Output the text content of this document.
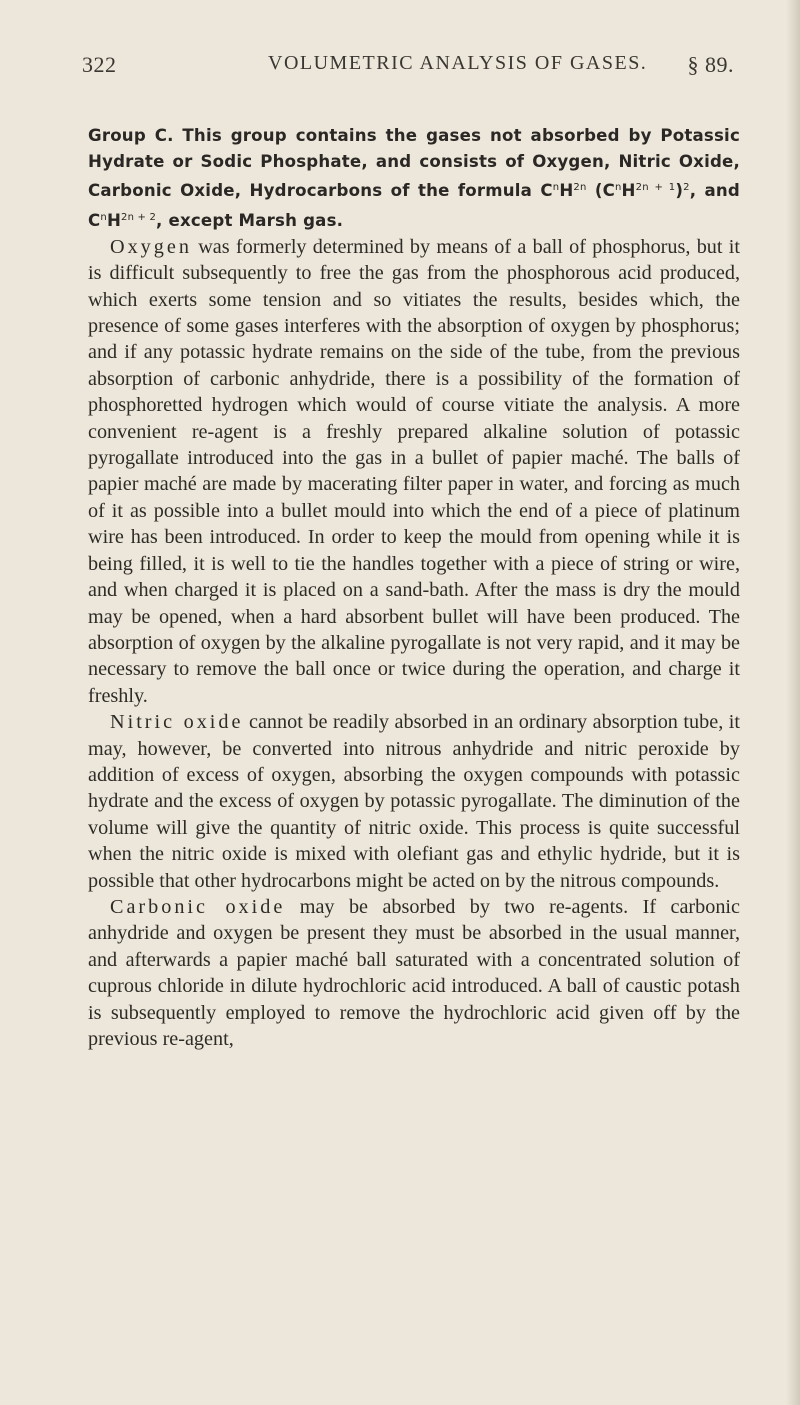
322	VOLUMETRIC ANALYSIS OF GASES. § 89.
Group C. This group contains the gases not absorbed by Potassic Hydrate or Sodic Phosphate, and consists of Oxygen, Nitric Oxide, Carbonic Oxide, Hydrocarbons of the formula $C^nH^{2n}$ $(C^nH^{2n + 1})^2$, and $C^nH^{2n + 2}$, except Marsh gas.

Oxygen was formerly determined by means of a ball of phosphorus, but it is difficult subsequently to free the gas from the phosphorous acid produced, which exerts some tension and so vitiates the results, besides which, the presence of some gases interferes with the absorption of oxygen by phosphorus; and if any potassic hydrate remains on the side of the tube, from the previous absorption of carbonic anhydride, there is a possibility of the formation of phosphoretted hydrogen which would of course vitiate the analysis. A more convenient re-agent is a freshly prepared alkaline solution of potassic pyrogallate introduced into the gas in a bullet of papier maché. The balls of papier maché are made by macerating filter paper in water, and forcing as much of it as possible into a bullet mould into which the end of a piece of platinum wire has been introduced. In order to keep the mould from opening while it is being filled, it is well to tie the handles together with a piece of string or wire, and when charged it is placed on a sand-bath. After the mass is dry the mould may be opened, when a hard absorbent bullet will have been produced. The absorption of oxygen by the alkaline pyrogallate is not very rapid, and it may be necessary to remove the ball once or twice during the operation, and charge it freshly.

Nitric oxide cannot be readily absorbed in an ordinary absorption tube, it may, however, be converted into nitrous anhydride and nitric peroxide by addition of excess of oxygen, absorbing the oxygen compounds with potassic hydrate and the excess of oxygen by potassic pyrogallate. The diminution of the volume will give the quantity of nitric oxide. This process is quite successful when the nitric oxide is mixed with olefiant gas and ethylic hydride, but it is possible that other hydrocarbons might be acted on by the nitrous compounds.

Carbonic oxide may be absorbed by two re-agents. If carbonic anhydride and oxygen be present they must be absorbed in the usual manner, and afterwards a papier maché ball saturated with a concentrated solution of cuprous chloride in dilute hydrochloric acid introduced. A ball of caustic potash is subsequently employed to remove the hydrochloric acid given off by the previous re-agent,
